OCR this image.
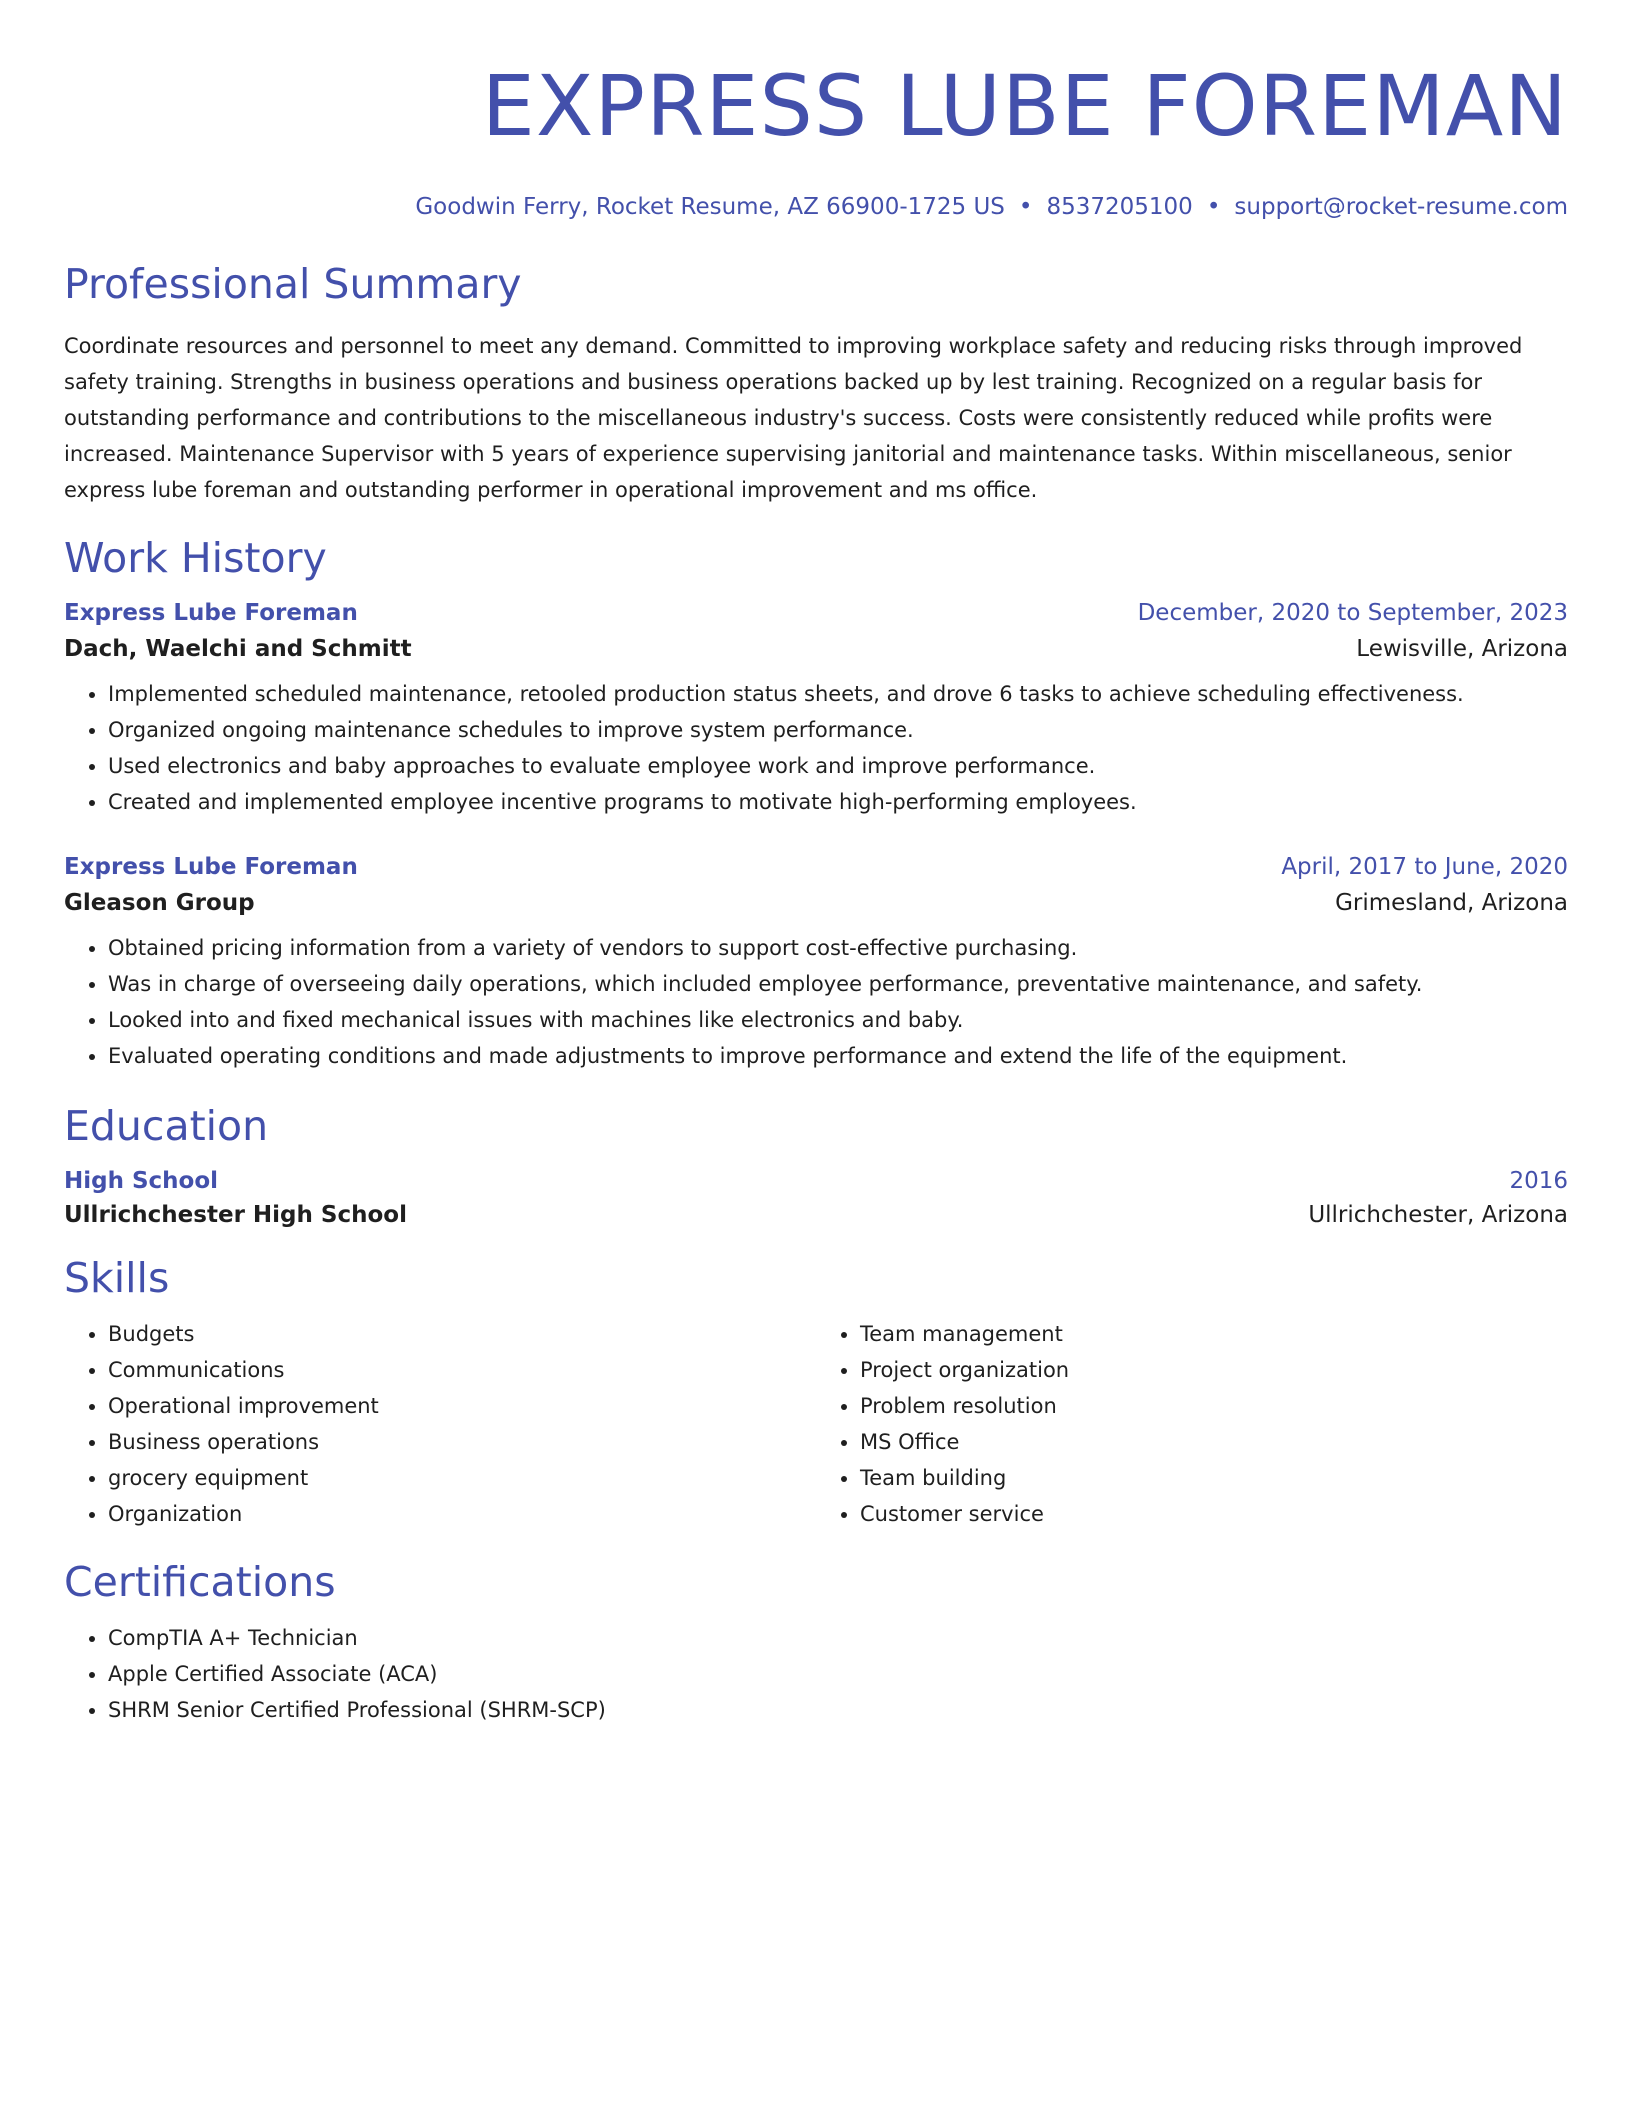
EXPRESS LUBE FOREMAN
Goodwin Ferry, Rocket Resume, AZ 66900-1725 US • 8537205100 • support@rocket-resume.com
Professional Summary
Coordinate resources and personnel to meet any demand. Committed to improving workplace safety and reducing risks through improved safety training. Strengths in business operations and business operations backed up by lest training. Recognized on a regular basis for outstanding performance and contributions to the miscellaneous industry's success. Costs were consistently reduced while profits were increased. Maintenance Supervisor with 5 years of experience supervising janitorial and maintenance tasks. Within miscellaneous, senior express lube foreman and outstanding performer in operational improvement and ms office.
Work History
Express Lube Foreman	December, 2020 to September, 2023
Dach, Waelchi and Schmitt	Lewisville, Arizona
• Implemented scheduled maintenance, retooled production status sheets, and drove 6 tasks to achieve scheduling effectiveness.
• Organized ongoing maintenance schedules to improve system performance.
• Used electronics and baby approaches to evaluate employee work and improve performance.
• Created and implemented employee incentive programs to motivate high-performing employees.
Express Lube Foreman	April, 2017 to June, 2020
Gleason Group	Grimesland, Arizona
• Obtained pricing information from a variety of vendors to support cost-effective purchasing.
• Was in charge of overseeing daily operations, which included employee performance, preventative maintenance, and safety.
• Looked into and fixed mechanical issues with machines like electronics and baby.
• Evaluated operating conditions and made adjustments to improve performance and extend the life of the equipment.
Education
High School	2016
Ullrichchester High School	Ullrichchester, Arizona
Skills
• Budgets
• Communications
• Operational improvement
• Business operations
• grocery equipment
• Organization
• Team management
• Project organization
• Problem resolution
• MS Office
• Team building
• Customer service
Certifications
• CompTIA A+ Technician
• Apple Certified Associate (ACA)
• SHRM Senior Certified Professional (SHRM-SCP)
